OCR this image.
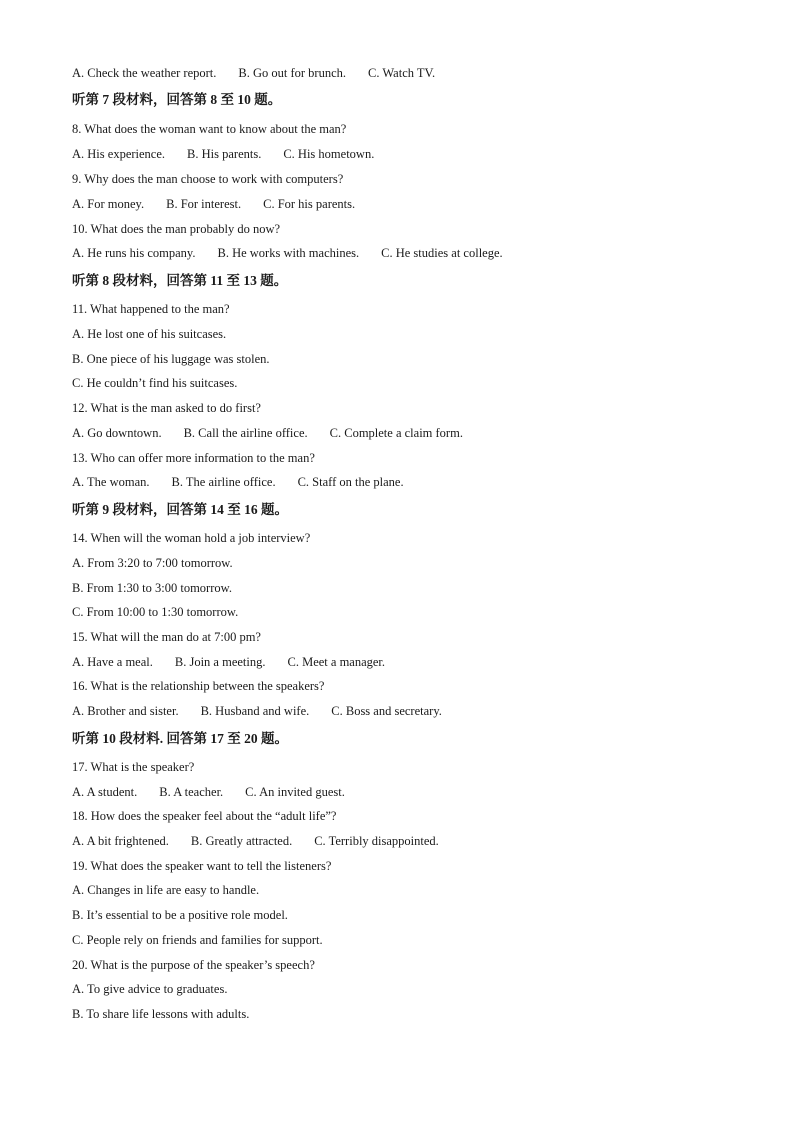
A. Check the weather report. B. Go out for brunch. C. Watch TV.
听第 7 段材料，回答第 8 至 10 题。
8. What does the woman want to know about the man?
A. His experience. B. His parents. C. His hometown.
9. Why does the man choose to work with computers?
A. For money. B. For interest. C. For his parents.
10. What does the man probably do now?
A. He runs his company. B. He works with machines. C. He studies at college.
听第 8 段材料，回答第 11 至 13 题。
11. What happened to the man?
A. He lost one of his suitcases.
B. One piece of his luggage was stolen.
C. He couldn’t find his suitcases.
12. What is the man asked to do first?
A. Go downtown. B. Call the airline office. C. Complete a claim form.
13. Who can offer more information to the man?
A. The woman. B. The airline office. C. Staff on the plane.
听第 9 段材料，回答第 14 至 16 题。
14. When will the woman hold a job interview?
A. From 3:20 to 7:00 tomorrow.
B. From 1:30 to 3:00 tomorrow.
C. From 10:00 to 1:30 tomorrow.
15. What will the man do at 7:00 pm?
A. Have a meal. B. Join a meeting. C. Meet a manager.
16. What is the relationship between the speakers?
A. Brother and sister. B. Husband and wife. C. Boss and secretary.
听第 10 段材料. 回答第 17 至 20 题。
17. What is the speaker?
A. A student. B. A teacher. C. An invited guest.
18. How does the speaker feel about the “adult life”?
A. A bit frightened. B. Greatly attracted. C. Terribly disappointed.
19. What does the speaker want to tell the listeners?
A. Changes in life are easy to handle.
B. It’s essential to be a positive role model.
C. People rely on friends and families for support.
20. What is the purpose of the speaker’s speech?
A. To give advice to graduates.
B. To share life lessons with adults.
